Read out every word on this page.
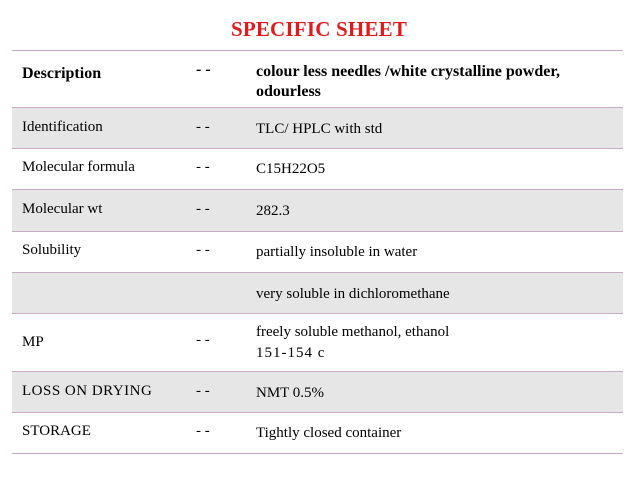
SPECIFIC SHEET
Description	- -	colour less needles /white crystalline powder,
odourless
Identification	- -	TLC/ HPLC with std
Molecular formula	- -	C15H22O5
Molecular wt	- -	282.3
Solubility	- -	partially insoluble in water
very soluble in dichloromethane
MP	- -	freely soluble methanol, ethanol
151-154 c
LOSS ON DRYING	- -	NMT 0.5%
STORAGE	- -	Tightly closed container
